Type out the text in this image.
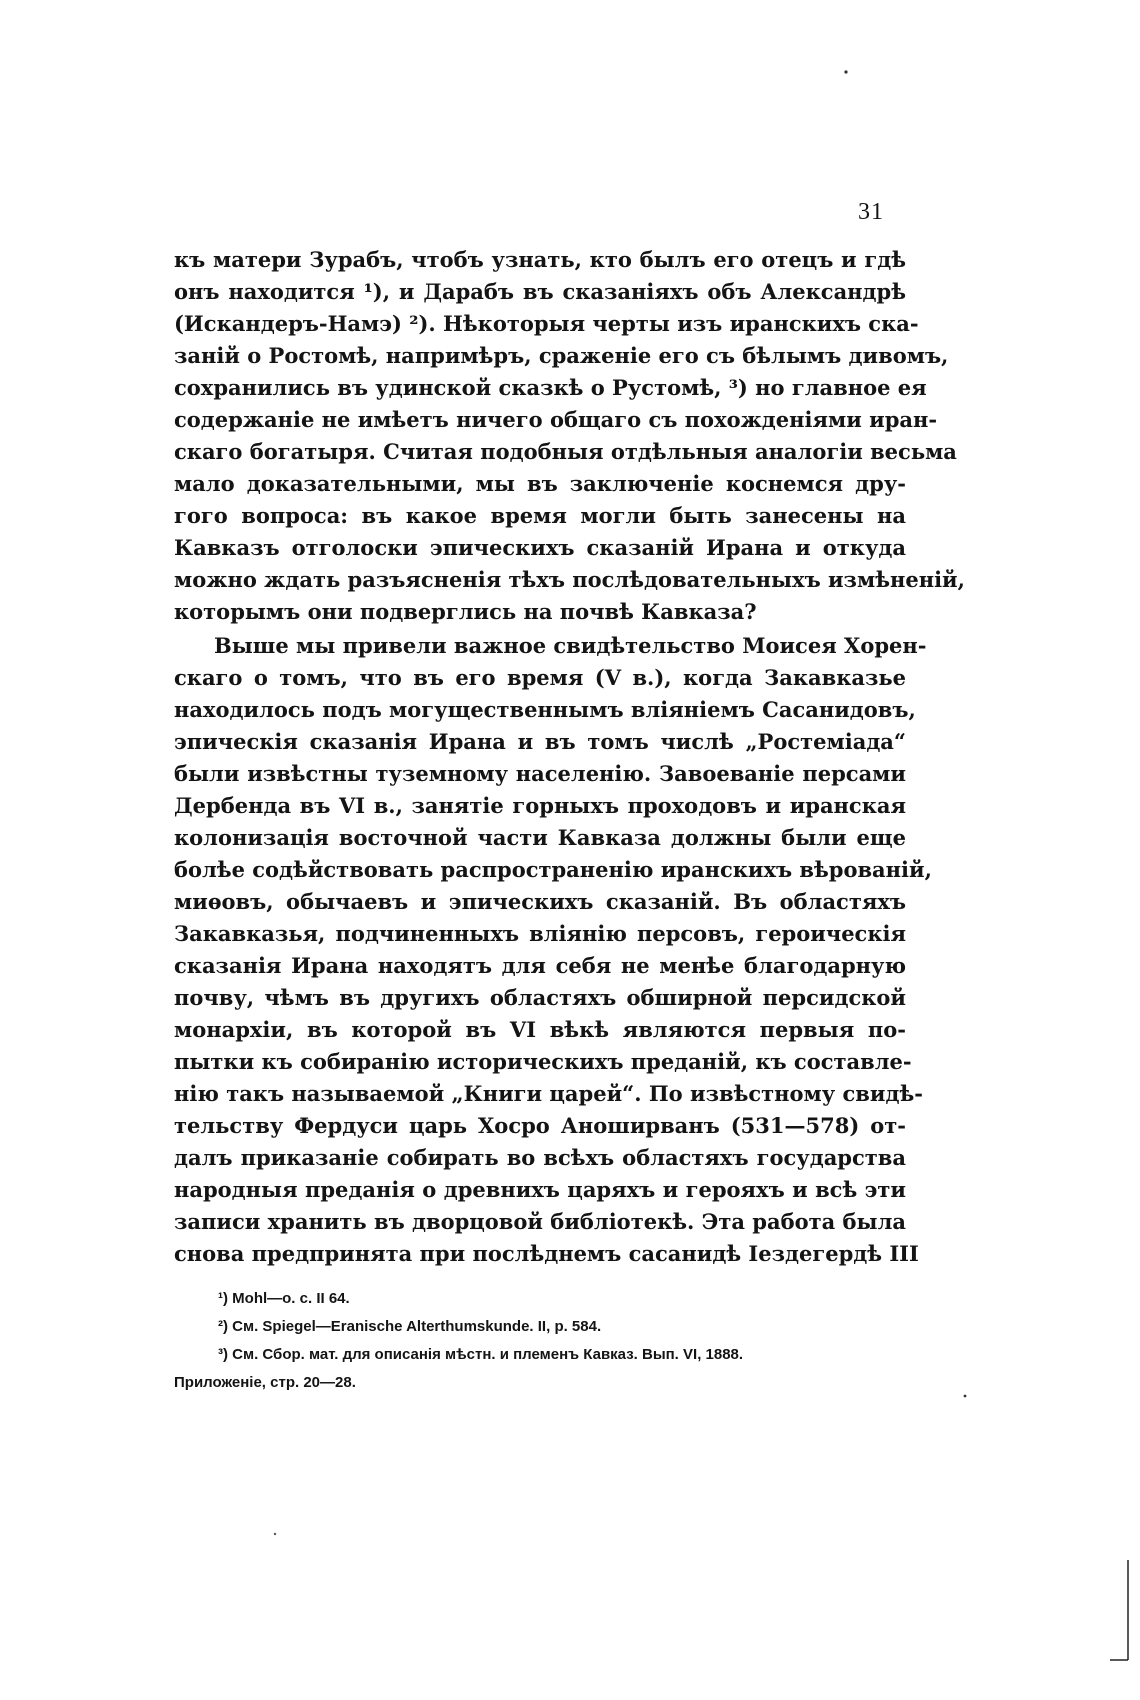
31
къ матери Зурабъ, чтобъ узнать, кто былъ его отецъ и гдѣ
онъ находится ¹), и Дарабъ въ сказаніяхъ объ Александрѣ
(Искандеръ-Намэ) ²). Нѣкоторыя черты изъ иранскихъ ска-
заній о Ростомѣ, напримѣръ, сраженіе его съ бѣлымъ дивомъ,
сохранились въ удинской сказкѣ о Рустомѣ, ³) но главное ея
содержаніе не имѣетъ ничего общаго съ похожденіями иран-
скаго богатыря. Считая подобныя отдѣльныя аналогіи весьма
мало доказательными, мы въ заключеніе коснемся дру-
гого вопроса: въ какое время могли быть занесены на
Кавказъ отголоски эпическихъ сказаній Ирана и откуда
можно ждать разъясненія тѣхъ послѣдовательныхъ измѣненій,
которымъ они подверглись на почвѣ Кавказа?
Выше мы привели важное свидѣтельство Моисея Хорен-
скаго о томъ, что въ его время (V в.), когда Закавказье
находилось подъ могущественнымъ вліяніемъ Сасанидовъ,
эпическія сказанія Ирана и въ томъ числѣ „Ростеміада“
были извѣстны туземному населенію. Завоеваніе персами
Дербенда въ VI в., занятіе горныхъ проходовъ и иранская
колонизація восточной части Кавказа должны были еще
болѣе содѣйствовать распространенію иранскихъ вѣрованій,
миѳовъ, обычаевъ и эпическихъ сказаній. Въ областяхъ
Закавказья, подчиненныхъ вліянію персовъ, героическія
сказанія Ирана находятъ для себя не менѣе благодарную
почву, чѣмъ въ другихъ областяхъ обширной персидской
монархіи, въ которой въ VI вѣкѣ являются первыя по-
пытки къ собиранію историческихъ преданій, къ составле-
нію такъ называемой „Книги царей“. По извѣстному свидѣ-
тельству Фердуси царь Хосро Аноширванъ (531—578) от-
далъ приказаніе собирать во всѣхъ областяхъ государства
народныя преданія о древнихъ царяхъ и герояхъ и всѣ эти
записи хранить въ дворцовой библіотекѣ. Эта работа была
снова предпринята при послѣднемъ сасанидѣ Іездегердѣ III
¹) Mohl—o. c. II 64.
²) См. Spiegel—Eranische Alterthumskunde. II, p. 584.
³) См. Сбор. мат. для описанія мѣстн. и племенъ Кавказ. Вып. VI, 1888.
Приложеніе, стр. 20—28.
